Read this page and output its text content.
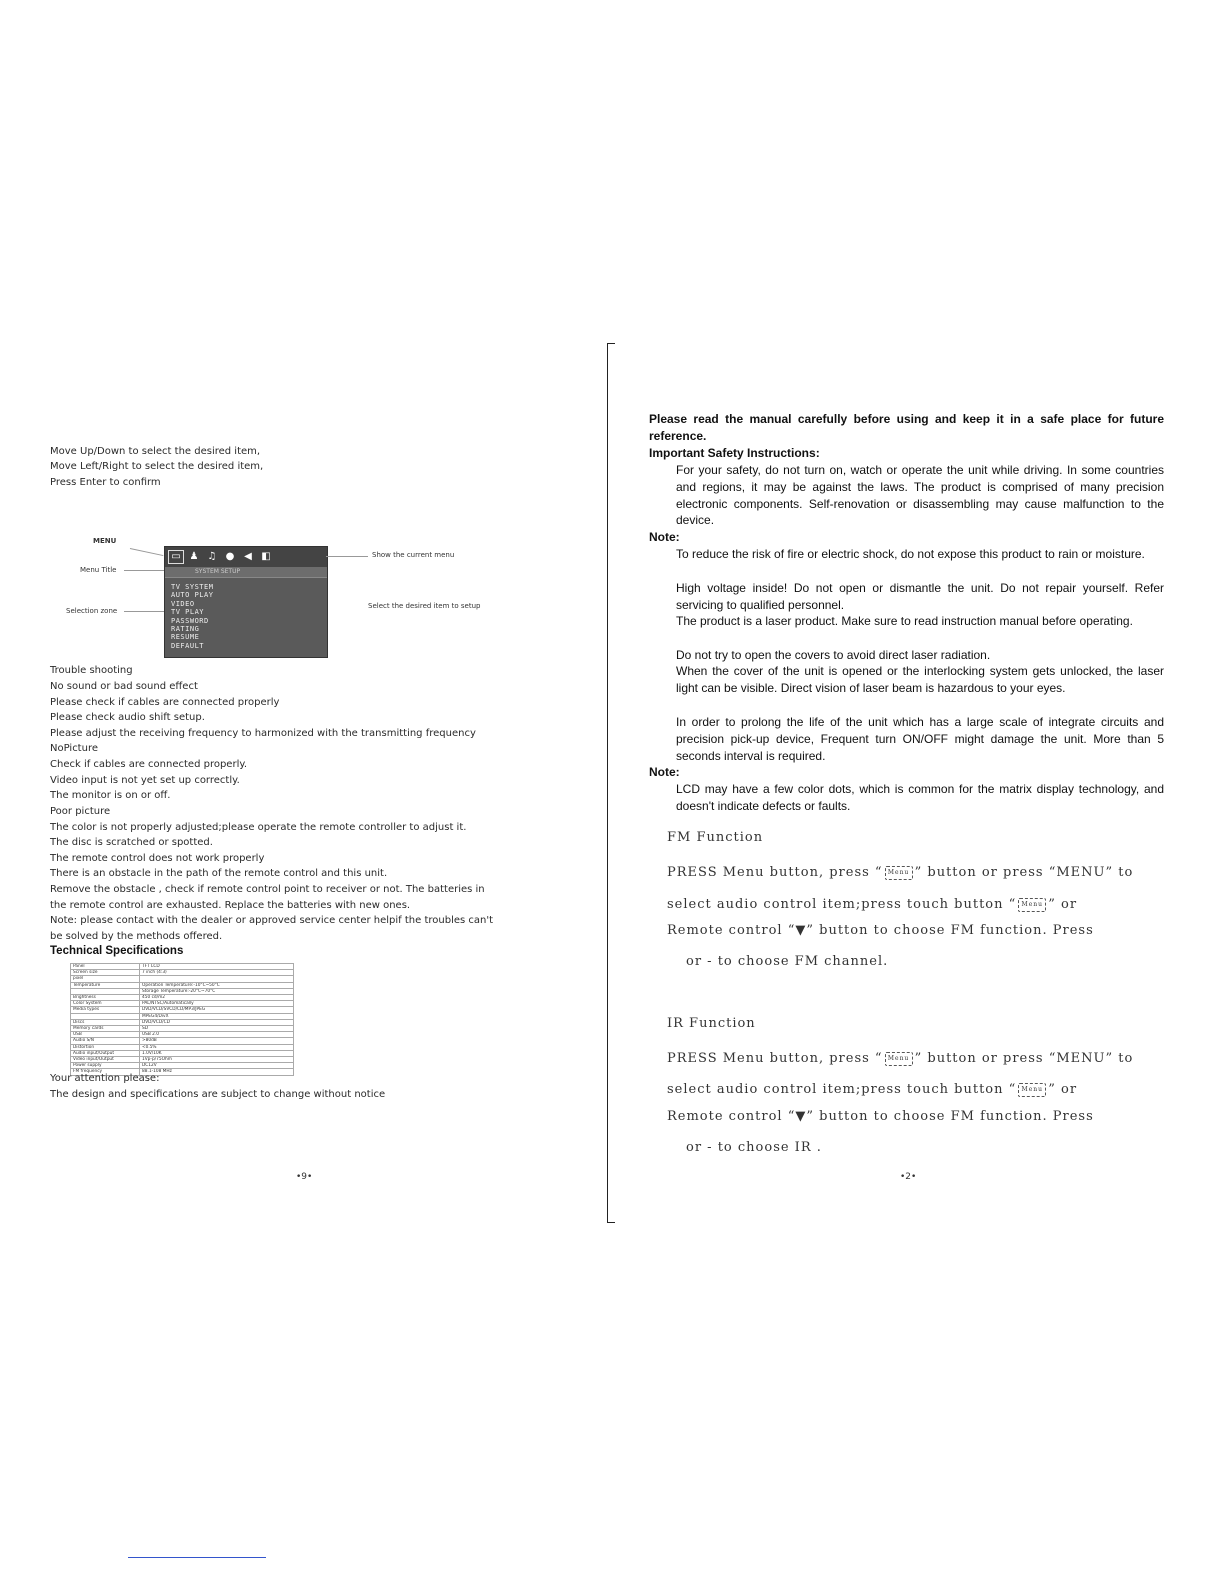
Move Up/Down to select the desired item,
Move Left/Right to select the desired item,
Press Enter to confirm
MENU
Menu Title
Selection zone
▭ ♟ ♫ ● ◀ ◧
SYSTEM SETUP
TV SYSTEM
AUTO PLAY
VIDEO
TV PLAY
PASSWORD
RATING
RESUME
DEFAULT
Show the current menu
Select the desired item to setup
Trouble shooting
No sound or bad sound effect
Please check if cables are connected properly
Please check audio shift setup.
Please adjust the receiving frequency to harmonized with the transmitting frequency
NoPicture
Check if cables are connected properly.
Video input is not yet set up correctly.
The monitor is on or off.
Poor picture
The color is not properly adjusted;please operate the remote controller to adjust it.
The disc is scratched or spotted.
The remote control does not work properly
There is an obstacle in the path of the remote control and this unit.
Remove the obstacle , check if remote control point to receiver or not. The batteries in
the remote control are exhausted. Replace the batteries with new ones.
Note: please contact with the dealer or approved service center helpif the troubles can't
be solved by the methods offered.
Technical Specifications
Panel	TFT LCD
Screen size	7 inch (4:3)
pixel	
Temperature	Operation Temperature:-10°C~50°C
	Storage Temperature:-20°C~70°C
Brightness	450 cd/m2
Color System	PAL/NTSC/Automatically
Media types	DVD/VCD/SVCD/CD/MP3/JPEG
	MPEG4/DivX
Discs	DVD/VCD/CD
Memory cards	SD
USB	USB 2.0
Audio S/N	>80dB
Distortion	<0.5%
Audio input/Output	1.0V/10K
Video input/Output	1Vp-p/75Ohm
Power supply	DC12V
FM frequency	88.1-108 MHz
Your attention please:
The design and specifications are subject to change without notice
•9•
Please read the manual carefully before using and keep it in a safe place for future reference.
Important Safety Instructions:
For your safety, do not turn on, watch or operate the unit while driving. In some countries and regions, it may be against the laws. The product is comprised of many precision electronic components. Self-renovation or disassembling may cause malfunction to the device.
Note:
To reduce the risk of fire or electric shock, do not expose this product to rain or moisture.
High voltage inside! Do not open or dismantle the unit. Do not repair yourself. Refer servicing to qualified personnel.
The product is a laser product. Make sure to read instruction manual before operating.
Do not try to open the covers to avoid direct laser radiation.
When the cover of the unit is opened or the interlocking system gets unlocked, the laser light can be visible. Direct vision of laser beam is hazardous to your eyes.
In order to prolong the life of the unit which has a large scale of integrate circuits and precision pick-up device, Frequent turn ON/OFF might damage the unit. More than 5 seconds interval is required.
Note:
LCD may have a few color dots, which is common for the matrix display technology, and doesn't indicate defects or faults.
FM Function
PRESS Menu button, press “ Menu ” button or press “MENU” to
select audio control item;press touch button “ Menu ” or
Remote control “▼” button to choose FM function. Press
or - to choose FM channel.
IR Function
PRESS Menu button, press “ Menu ” button or press “MENU” to
select audio control item;press touch button “ Menu ” or
Remote control “▼” button to choose FM function. Press
or - to choose IR .
•2•
